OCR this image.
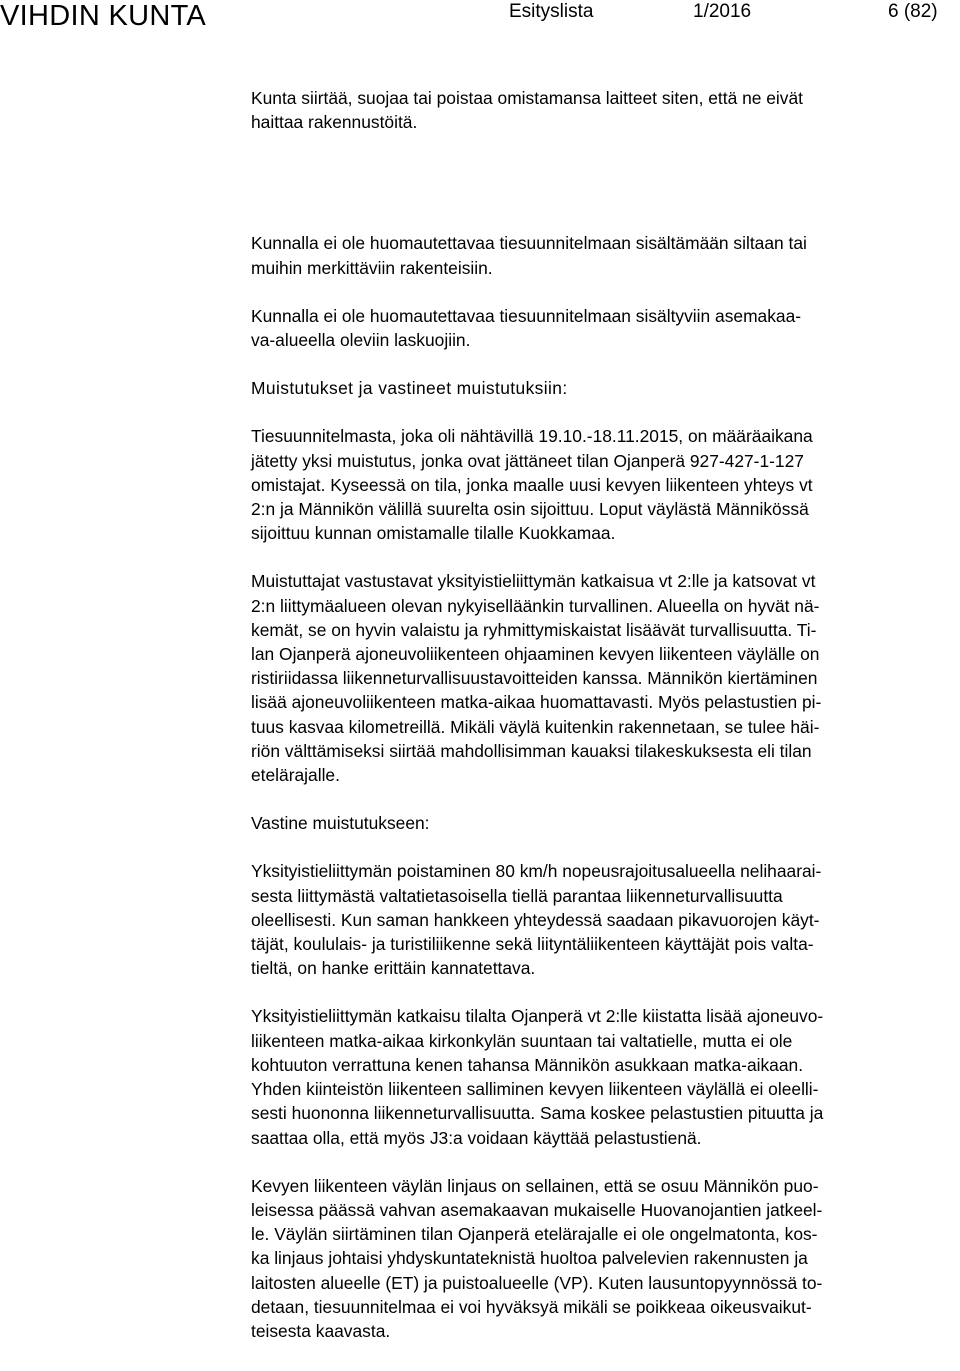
VIHDIN KUNTA	Esityslista	1/2016	6 (82)

Kunta siirtää, suojaa tai poistaa omistamansa laitteet siten, että ne eivät
haittaa rakennustöitä.

Kunnalla ei ole huomautettavaa tiesuunnitelmaan sisältämään siltaan tai
muihin merkittäviin rakenteisiin.

Kunnalla ei ole huomautettavaa tiesuunnitelmaan sisältyviin asemakaa-
va-alueella oleviin laskuojiin.

Muistutukset ja vastineet muistutuksiin:

Tiesuunnitelmasta, joka oli nähtävillä 19.10.-18.11.2015, on määräaikana
jätetty yksi muistutus, jonka ovat jättäneet tilan Ojanperä 927-427-1-127
omistajat. Kyseessä on tila, jonka maalle uusi kevyen liikenteen yhteys vt
2:n ja Männikön välillä suurelta osin sijoittuu. Loput väylästä Männikössä
sijoittuu kunnan omistamalle tilalle Kuokkamaa.

Muistuttajat vastustavat yksityistieliittymän katkaisua vt 2:lle ja katsovat vt
2:n liittymäalueen olevan nykyiselläänkin turvallinen. Alueella on hyvät nä-
kemät, se on hyvin valaistu ja ryhmittymiskaistat lisäävät turvallisuutta. Ti-
lan Ojanperä ajoneuvoliikenteen ohjaaminen kevyen liikenteen väylälle on
ristiriidassa liikenneturvallisuustavoitteiden kanssa. Männikön kiertäminen
lisää ajoneuvoliikenteen matka-aikaa huomattavasti. Myös pelastustien pi-
tuus kasvaa kilometreillä. Mikäli väylä kuitenkin rakennetaan, se tulee häi-
riön välttämiseksi siirtää mahdollisimman kauaksi tilakeskuksesta eli tilan
etelärajalle.

Vastine muistutukseen:

Yksityistieliittymän poistaminen 80 km/h nopeusrajoitusalueella nelihaarai-
sesta liittymästä valtatietasoisella tiellä parantaa liikenneturvallisuutta
oleellisesti. Kun saman hankkeen yhteydessä saadaan pikavuorojen käyt-
täjät, koululais- ja turistiliikenne sekä liityntäliikenteen käyttäjät pois valta-
tieltä, on hanke erittäin kannatettava.

Yksityistieliittymän katkaisu tilalta Ojanperä vt 2:lle kiistatta lisää ajoneuvo-
liikenteen matka-aikaa kirkonkylän suuntaan tai valtatielle, mutta ei ole
kohtuuton verrattuna kenen tahansa Männikön asukkaan matka-aikaan.
Yhden kiinteistön liikenteen salliminen kevyen liikenteen väylällä ei oleelli-
sesti huononna liikenneturvallisuutta. Sama koskee pelastustien pituutta ja
saattaa olla, että myös J3:a voidaan käyttää pelastustienä.

Kevyen liikenteen väylän linjaus on sellainen, että se osuu Männikön puo-
leisessa päässä vahvan asemakaavan mukaiselle Huovanojantien jatkeel-
le. Väylän siirtäminen tilan Ojanperä etelärajalle ei ole ongelmatonta, kos-
ka linjaus johtaisi yhdyskuntateknistä huoltoa palvelevien rakennusten ja
laitosten alueelle (ET) ja puistoalueelle (VP). Kuten lausuntopyynnössä to-
detaan, tiesuunnitelmaa ei voi hyväksyä mikäli se poikkeaa oikeusvaikut-
teisesta kaavasta.
